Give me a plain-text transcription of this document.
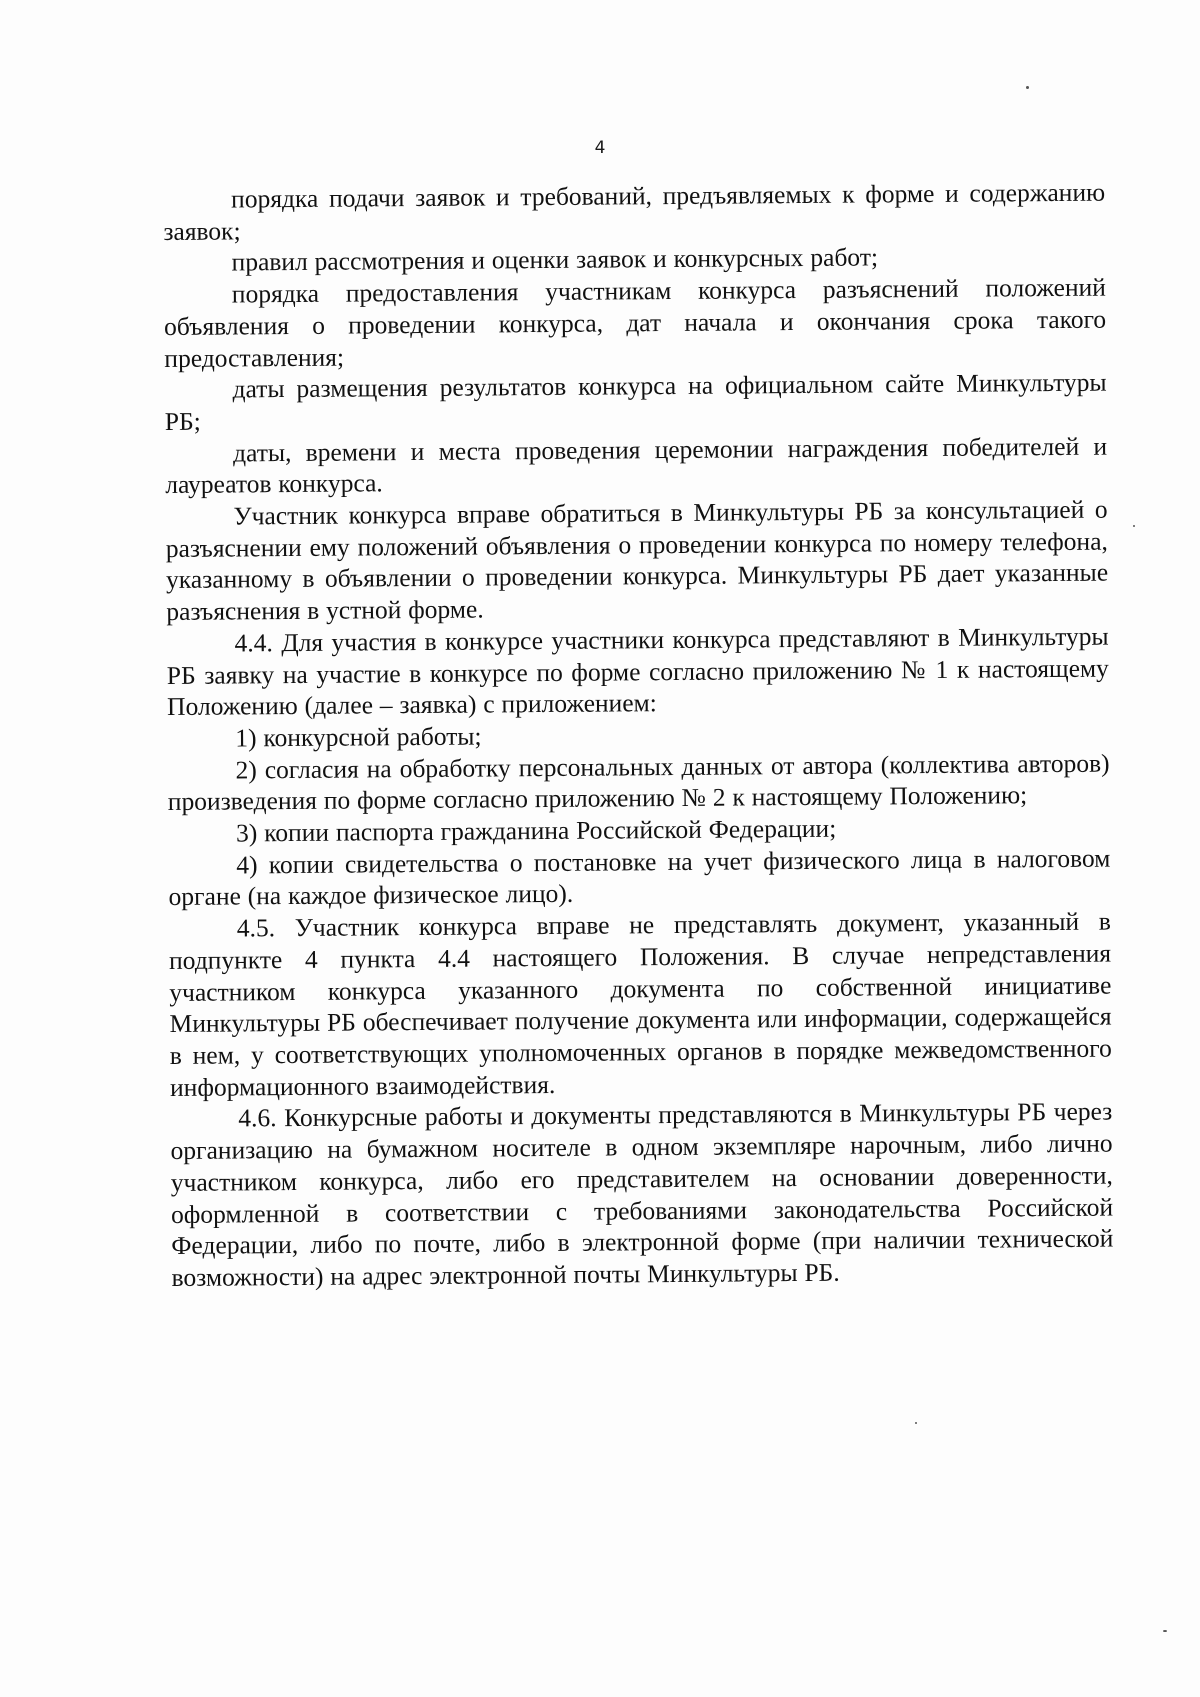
4

порядка подачи заявок и требований, предъявляемых к форме и содержанию заявок;

правил рассмотрения и оценки заявок и конкурсных работ;

порядка предоставления участникам конкурса разъяснений положений объявления о проведении конкурса, дат начала и окончания срока такого предоставления;

даты размещения результатов конкурса на официальном сайте Минкультуры РБ;

даты, времени и места проведения церемонии награждения победителей и лауреатов конкурса.

Участник конкурса вправе обратиться в Минкультуры РБ за консультацией о разъяснении ему положений объявления о проведении конкурса по номеру телефона, указанному в объявлении о проведении конкурса. Минкультуры РБ дает указанные разъяснения в устной форме.

4.4. Для участия в конкурсе участники конкурса представляют в Минкультуры РБ заявку на участие в конкурсе по форме согласно приложению № 1 к настоящему Положению (далее – заявка) с приложением:

1) конкурсной работы;

2) согласия на обработку персональных данных от автора (коллектива авторов) произведения по форме согласно приложению № 2 к настоящему Положению;

3) копии паспорта гражданина Российской Федерации;

4) копии свидетельства о постановке на учет физического лица в налоговом органе (на каждое физическое лицо).

4.5. Участник конкурса вправе не представлять документ, указанный в подпункте 4 пункта 4.4 настоящего Положения. В случае непредставления участником конкурса указанного документа по собственной инициативе Минкультуры РБ обеспечивает получение документа или информации, содержащейся в нем, у соответствующих уполномоченных органов в порядке межведомственного информационного взаимодействия.

4.6. Конкурсные работы и документы представляются в Минкультуры РБ через организацию на бумажном носителе в одном экземпляре нарочным, либо лично участником конкурса, либо его представителем на основании доверенности, оформленной в соответствии с требованиями законодательства Российской Федерации, либо по почте, либо в электронной форме (при наличии технической возможности) на адрес электронной почты Минкультуры РБ.
